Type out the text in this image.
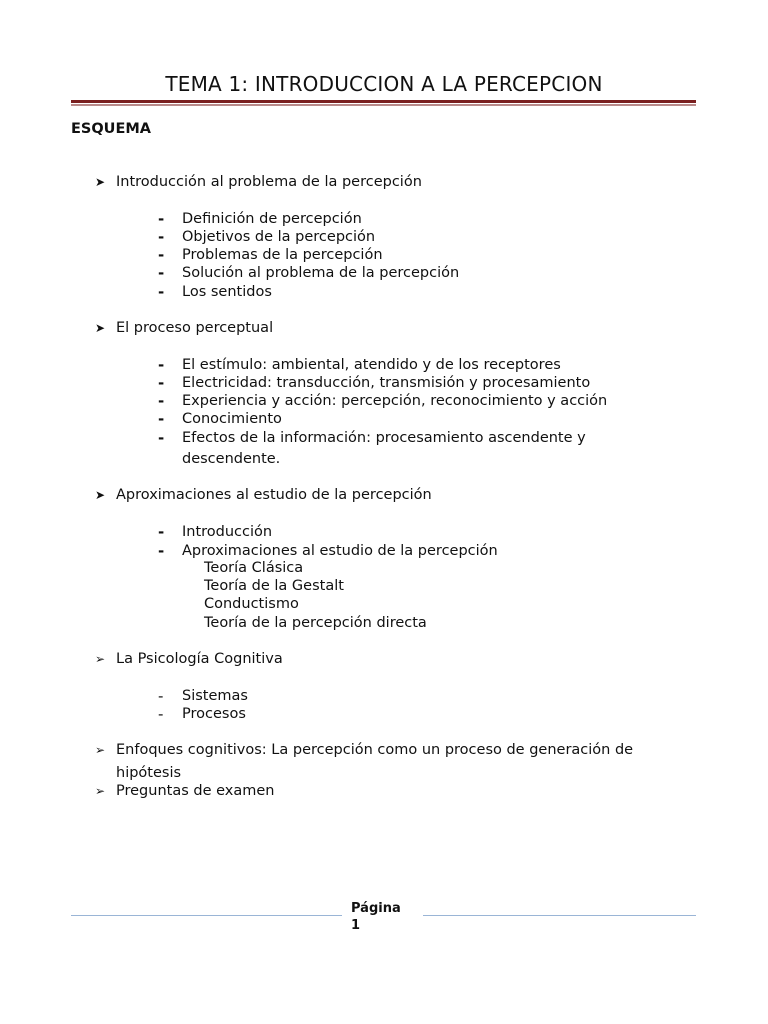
TEMA 1: INTRODUCCION A LA PERCEPCION
ESQUEMA
➤ Introducción al problema de la percepción
- Definición de percepción
- Objetivos de la percepción
- Problemas de la percepción
- Solución al problema de la percepción
- Los sentidos
➤ El proceso perceptual
- El estímulo: ambiental, atendido y de los receptores
- Electricidad: transducción, transmisión y procesamiento
- Experiencia y acción: percepción, reconocimiento y acción
- Conocimiento
- Efectos de la información: procesamiento ascendente y
descendente.
➤ Aproximaciones al estudio de la percepción
- Introducción
- Aproximaciones al estudio de la percepción
Teoría Clásica
Teoría de la Gestalt
Conductismo
Teoría de la percepción directa
➢ La Psicología Cognitiva
- Sistemas
- Procesos
➢ Enfoques cognitivos: La percepción como un proceso de generación de
hipótesis
➢ Preguntas de examen
Página
1
